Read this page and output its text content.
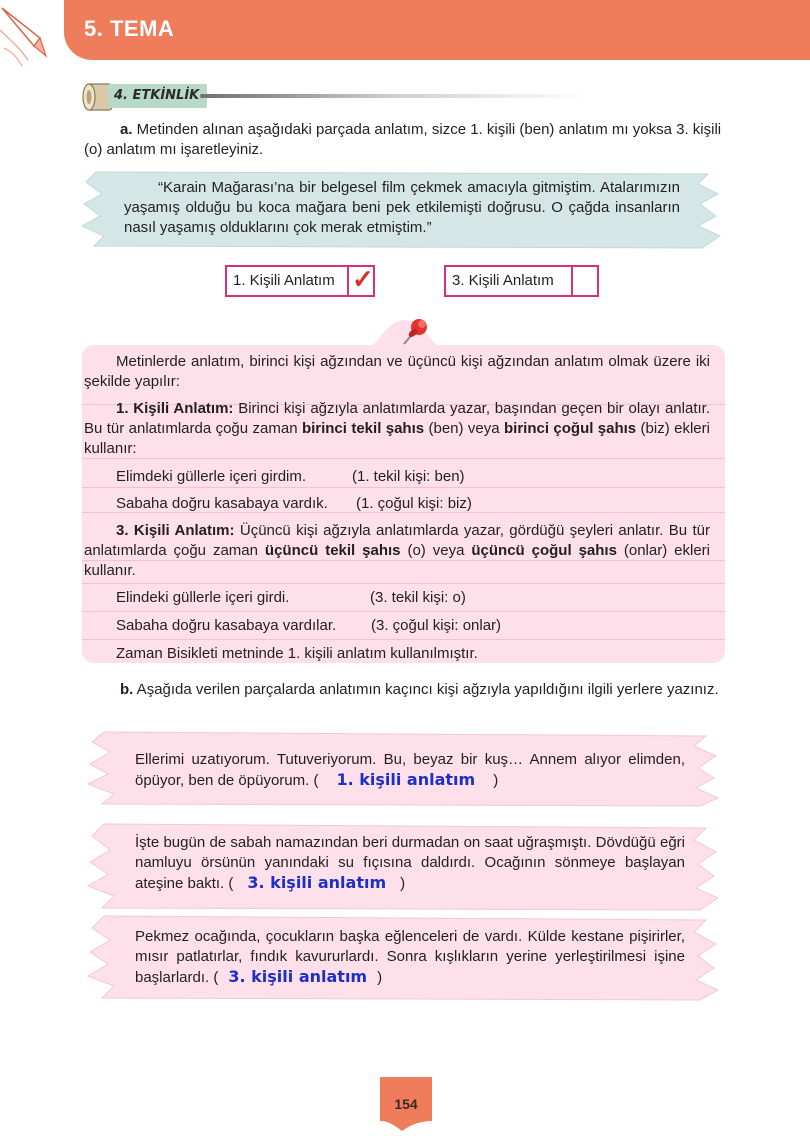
5. TEMA
4. ETKİNLİK
a. Metinden alınan aşağıdaki parçada anlatım, sizce 1. kişili (ben) anlatım mı yoksa 3. kişili (o) anlatım mı işaretleyiniz.
“Karain Mağarası’na bir belgesel film çekmek amacıyla gitmiştim. Atalarımızın yaşamış olduğu bu koca mağara beni pek etkilemişti doğrusu. O çağda insanların nasıl yaşamış olduklarını çok merak etmiştim.”
1. Kişili Anlatım ✓	3. Kişili Anlatım
Metinlerde anlatım, birinci kişi ağzından ve üçüncü kişi ağzından anlatım olmak üzere iki şekilde yapılır:
1. Kişili Anlatım: Birinci kişi ağzıyla anlatımlarda yazar, başından geçen bir olayı anlatır. Bu tür anlatımlarda çoğu zaman birinci tekil şahıs (ben) veya birinci çoğul şahıs (biz) ekleri kullanır:
Elimdeki güllerle içeri girdim.	(1. tekil kişi: ben)
Sabaha doğru kasabaya vardık. (1. çoğul kişi: biz)
3. Kişili Anlatım: Üçüncü kişi ağzıyla anlatımlarda yazar, gördüğü şeyleri anlatır. Bu tür anlatımlarda çoğu zaman üçüncü tekil şahıs (o) veya üçüncü çoğul şahıs (onlar) ekleri kullanır.
Elindeki güllerle içeri girdi.	(3. tekil kişi: o)
Sabaha doğru kasabaya vardılar. (3. çoğul kişi: onlar)
Zaman Bisikleti metninde 1. kişili anlatım kullanılmıştır.
b. Aşağıda verilen parçalarda anlatımın kaçıncı kişi ağzıyla yapıldığını ilgili yerlere yazınız.
Ellerimi uzatıyorum. Tutuveriyorum. Bu, beyaz bir kuş… Annem alıyor elimden, öpüyor, ben de öpüyorum. ( 1. kişili anlatım )
İşte bugün de sabah namazından beri durmadan on saat uğraşmıştı. Dövdüğü eğri namluyu örsünün yanındaki su fıçısına daldırdı. Ocağının sönmeye başlayan ateşine baktı. ( 3. kişili anlatım )
Pekmez ocağında, çocukların başka eğlenceleri de vardı. Külde kestane pişirirler, mısır patlatırlar, fındık kavururlardı. Sonra kışlıkların yerine yerleştirilmesi işine başlarlardı. ( 3. kişili anlatım )
154
